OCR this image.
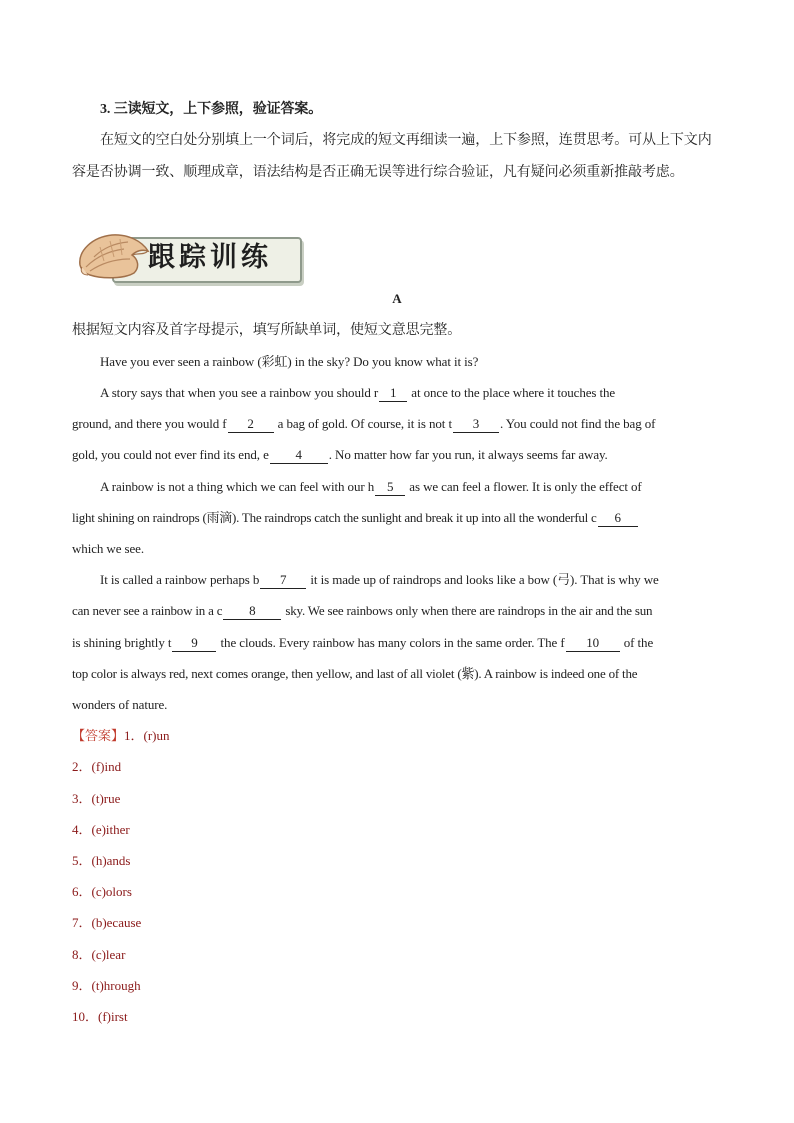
3. 三读短文，上下参照，验证答案。
在短文的空白处分别填上一个词后，将完成的短文再细读一遍，上下参照，连贯思考。可从上下文内
容是否协调一致、顺理成章，语法结构是否正确无误等进行综合验证，凡有疑问必须重新推敲考虑。
跟踪训练
A
根据短文内容及首字母提示，填写所缺单词，使短文意思完整。
Have you ever seen a rainbow (彩虹) in the sky? Do you know what it is?
A story says that when you see a rainbow you should r 1 at once to the place where it touches the
ground, and there you would f 2 a bag of gold. Of course, it is not t 3 . You could not find the bag of
gold, you could not ever find its end, e 4 . No matter how far you run, it always seems far away.
A rainbow is not a thing which we can feel with our h 5 as we can feel a flower. It is only the effect of
light shining on raindrops (雨滴). The raindrops catch the sunlight and break it up into all the wonderful c 6
which we see.
It is called a rainbow perhaps b 7 it is made up of raindrops and looks like a bow (弓). That is why we
can never see a rainbow in a c 8 sky. We see rainbows only when there are raindrops in the air and the sun
is shining brightly t 9 the clouds. Every rainbow has many colors in the same order. The f 10 of the
top color is always red, next comes orange, then yellow, and last of all violet (紫). A rainbow is indeed one of the
wonders of nature.
【答案】1．(r)un
2．(f)ind
3．(t)rue
4．(e)ither
5．(h)ands
6．(c)olors
7．(b)ecause
8．(c)lear
9．(t)hrough
10．(f)irst
